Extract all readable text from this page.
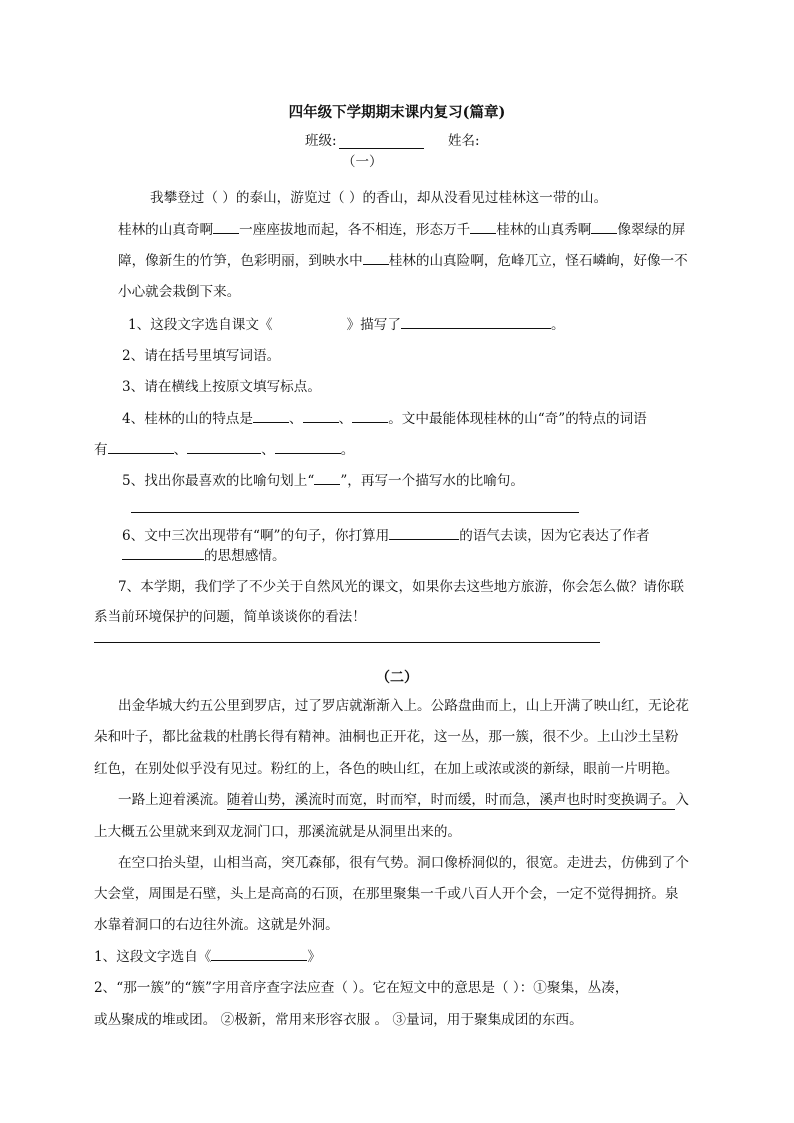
四年级下学期期末课内复习(篇章)
班级:	姓名:
（一）
我攀登过（ ）的泰山，游览过（ ）的香山，却从没看见过桂林这一带的山。
桂林的山真奇啊 一座座拔地而起，各不相连，形态万千 桂林的山真秀啊 像翠绿的屏
障，像新生的竹笋，色彩明丽，到映水中 桂林的山真险啊，危峰兀立，怪石嶙峋，好像一不
小心就会栽倒下来。
1、这段文字选自课文《	》描写了	。
2、请在括号里填写词语。
3、请在横线上按原文填写标点。
4、桂林的山的特点是	、	、	。文中最能体现桂林的山“奇”的特点的词语
有	、	、	。
5、找出你最喜欢的比喻句划上“ ”，再写一个描写水的比喻句。
6、文中三次出现带有“啊”的句子，你打算用	的语气去读，因为它表达了作者
的思想感情。
7、本学期，我们学了不少关于自然风光的课文，如果你去这些地方旅游，你会怎么做？请你联
系当前环境保护的问题，简单谈谈你的看法！
（二）
出金华城大约五公里到罗店，过了罗店就渐渐入上。公路盘曲而上，山上开满了映山红，无论花
朵和叶子，都比盆栽的杜鹃长得有精神。油桐也正开花，这一丛，那一簇，很不少。上山沙土呈粉
红色，在别处似乎没有见过。粉红的上，各色的映山红，在加上或浓或淡的新绿，眼前一片明艳。
一路上迎着溪流。随着山势，溪流时而宽，时而窄，时而缓，时而急，溪声也时时变换调子。入
上大概五公里就来到双龙洞门口，那溪流就是从洞里出来的。
在空口抬头望，山相当高，突兀森郁，很有气势。洞口像桥洞似的，很宽。走进去，仿佛到了个
大会堂，周围是石壁，头上是高高的石顶，在那里聚集一千或八百人开个会，一定不觉得拥挤。泉
水靠着洞口的右边往外流。这就是外洞。
1、这段文字选自《	》
2、“那一簇”的“簇”字用音序查字法应查（ ）。它在短文中的意思是（ ）：①聚集，丛凑，
或丛聚成的堆或团。 ②极新，常用来形容衣服 。 ③量词，用于聚集成团的东西。
